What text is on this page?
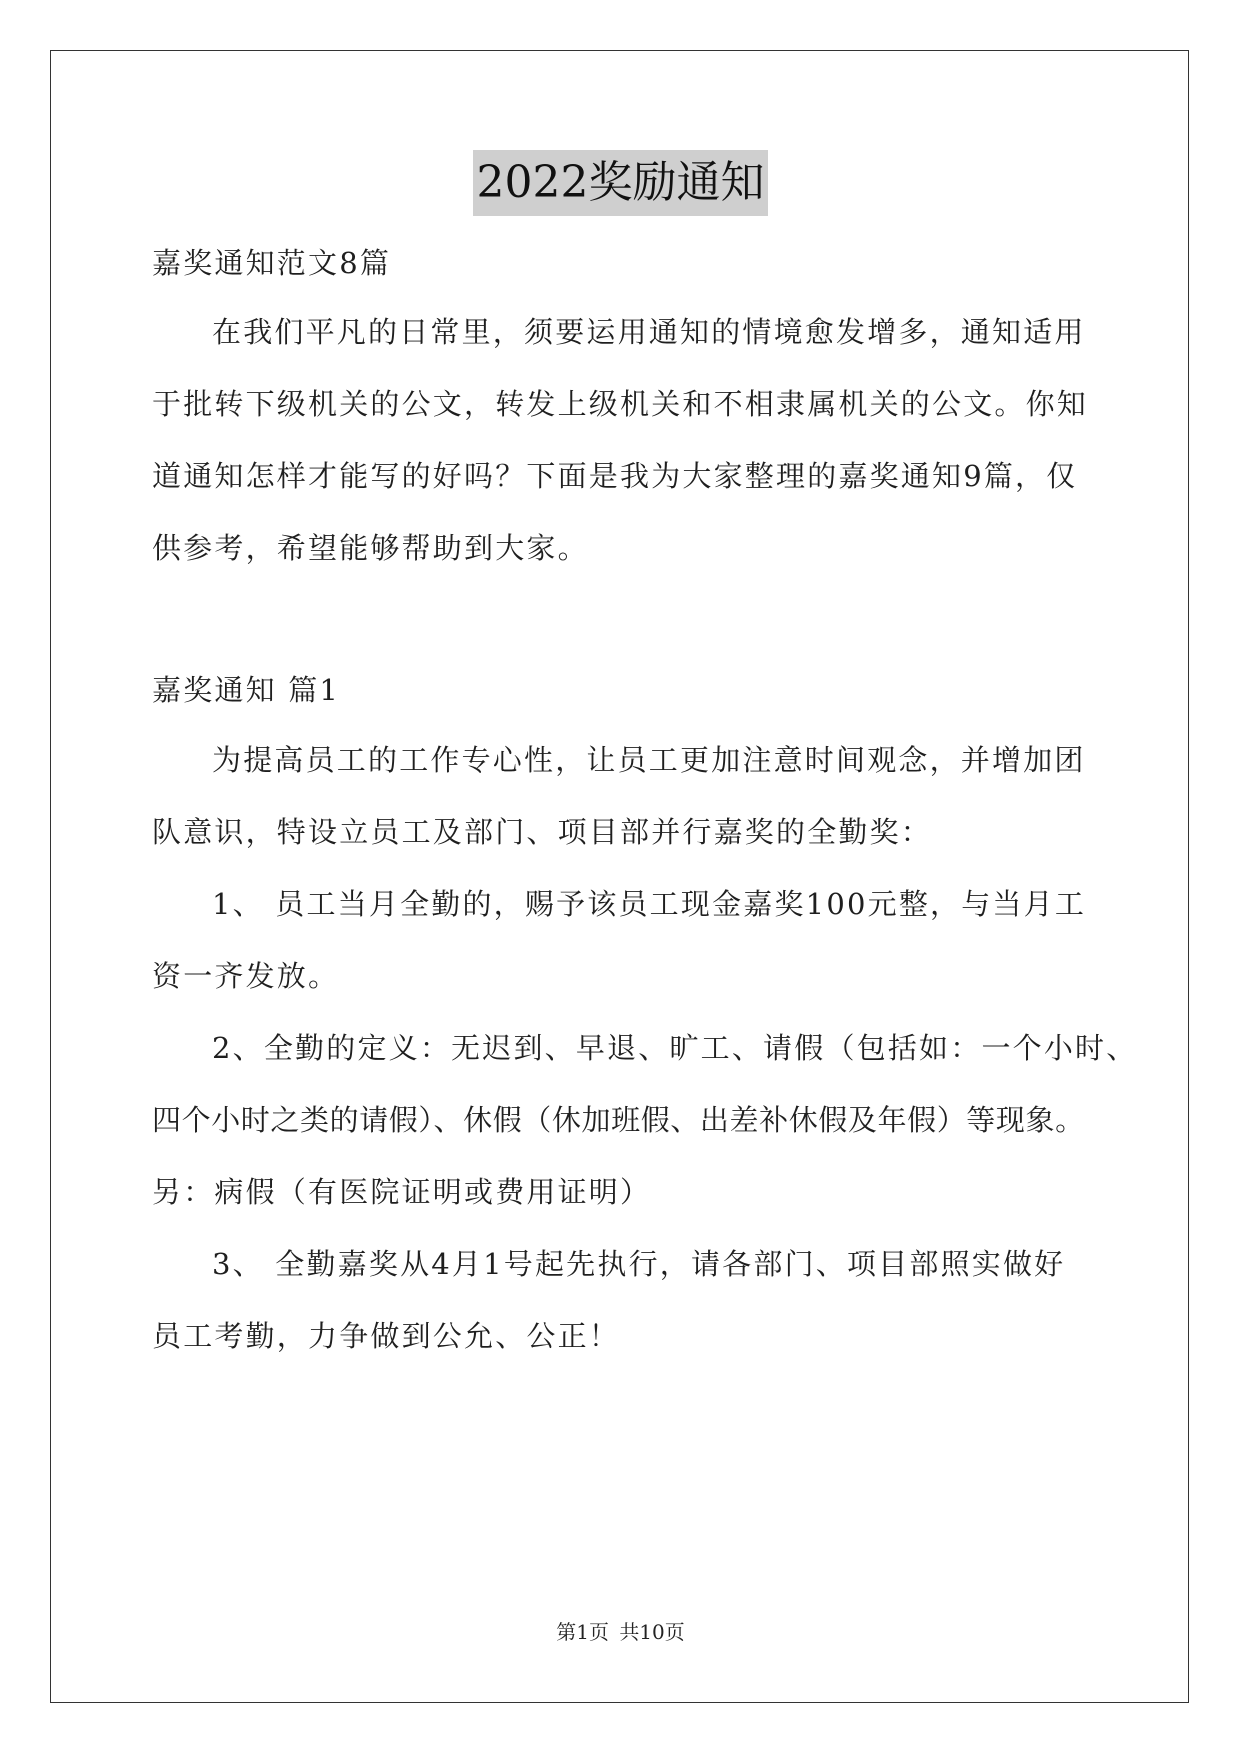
2022奖励通知
嘉奖通知范文8篇
在我们平凡的日常里，须要运用通知的情境愈发增多，通知适用
于批转下级机关的公文，转发上级机关和不相隶属机关的公文。你知
道通知怎样才能写的好吗？下面是我为大家整理的嘉奖通知9篇，仅
供参考，希望能够帮助到大家。
嘉奖通知 篇1
为提高员工的工作专心性，让员工更加注意时间观念，并增加团
队意识，特设立员工及部门、项目部并行嘉奖的全勤奖：
1、 员工当月全勤的，赐予该员工现金嘉奖100元整，与当月工
资一齐发放。
2、全勤的定义：无迟到、早退、旷工、请假（包括如：一个小时、
四个小时之类的请假）、休假（休加班假、出差补休假及年假）等现象。
另：病假（有医院证明或费用证明）
3、 全勤嘉奖从4月1号起先执行，请各部门、项目部照实做好
员工考勤，力争做到公允、公正！
第1页 共10页
